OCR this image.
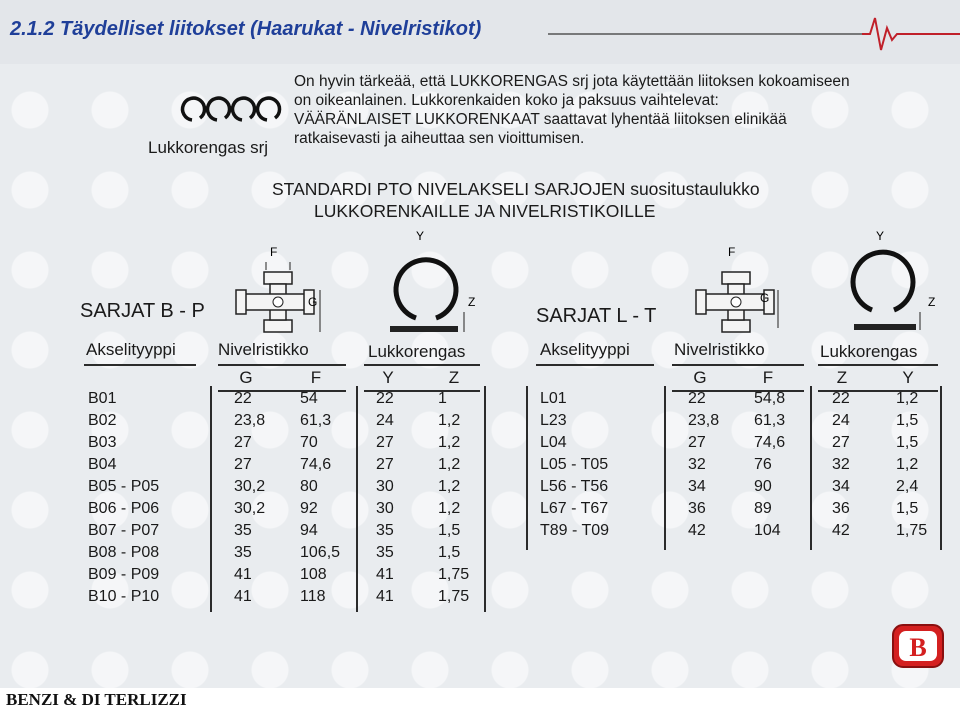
2.1.2 Täydelliset liitokset (Haarukat - Nivelristikot)
Lukkorengas srj
On hyvin tärkeää, että LUKKORENGAS srj jota käytettään liitoksen kokoamiseen
on oikeanlainen. Lukkorenkaiden koko ja paksuus vaihtelevat:
VÄÄRÄNLAISET LUKKORENKAAT saattavat lyhentää liitoksen elinikää
ratkaisevasti ja aiheuttaa sen vioittumisen.
STANDARDI PTO NIVELAKSELI SARJOJEN suositustaulukko
LUKKORENKAILLE JA NIVELRISTIKOILLE
F
G
Y
Z
F
G
Y
Z
SARJAT B - P
Akselityyppi Nivelristikko	Lukkorengas
G	F	Y	Z
B01	22	54	22	1
B02	23,8 61,3	24	1,2
B03	27	70	27	1,2
B04	27	74,6	27	1,2
B05 - P05	30,2 80	30	1,2
B06 - P06	30,2 92	30	1,2
B07 - P07	35	94	35	1,5
B08 - P08	35	106,5 35	1,5
B09 - P09	41	108	41	1,75
B10 - P10	41	118	41	1,75
SARJAT L - T
Akselityyppi	Nivelristikko	Lukkorengas
G	F	Z	Y
L01	22	54,8	22	1,2
L23	23,8 61,3	24	1,5
L04	27	74,6	27	1,5
L05 - T05	32	76	32	1,2
L56 - T56	34	90	34	2,4
L67 - T67	36	89	36	1,5
T89 - T09	42	104	42	1,75
B
BENZI & DI TERLIZZI
